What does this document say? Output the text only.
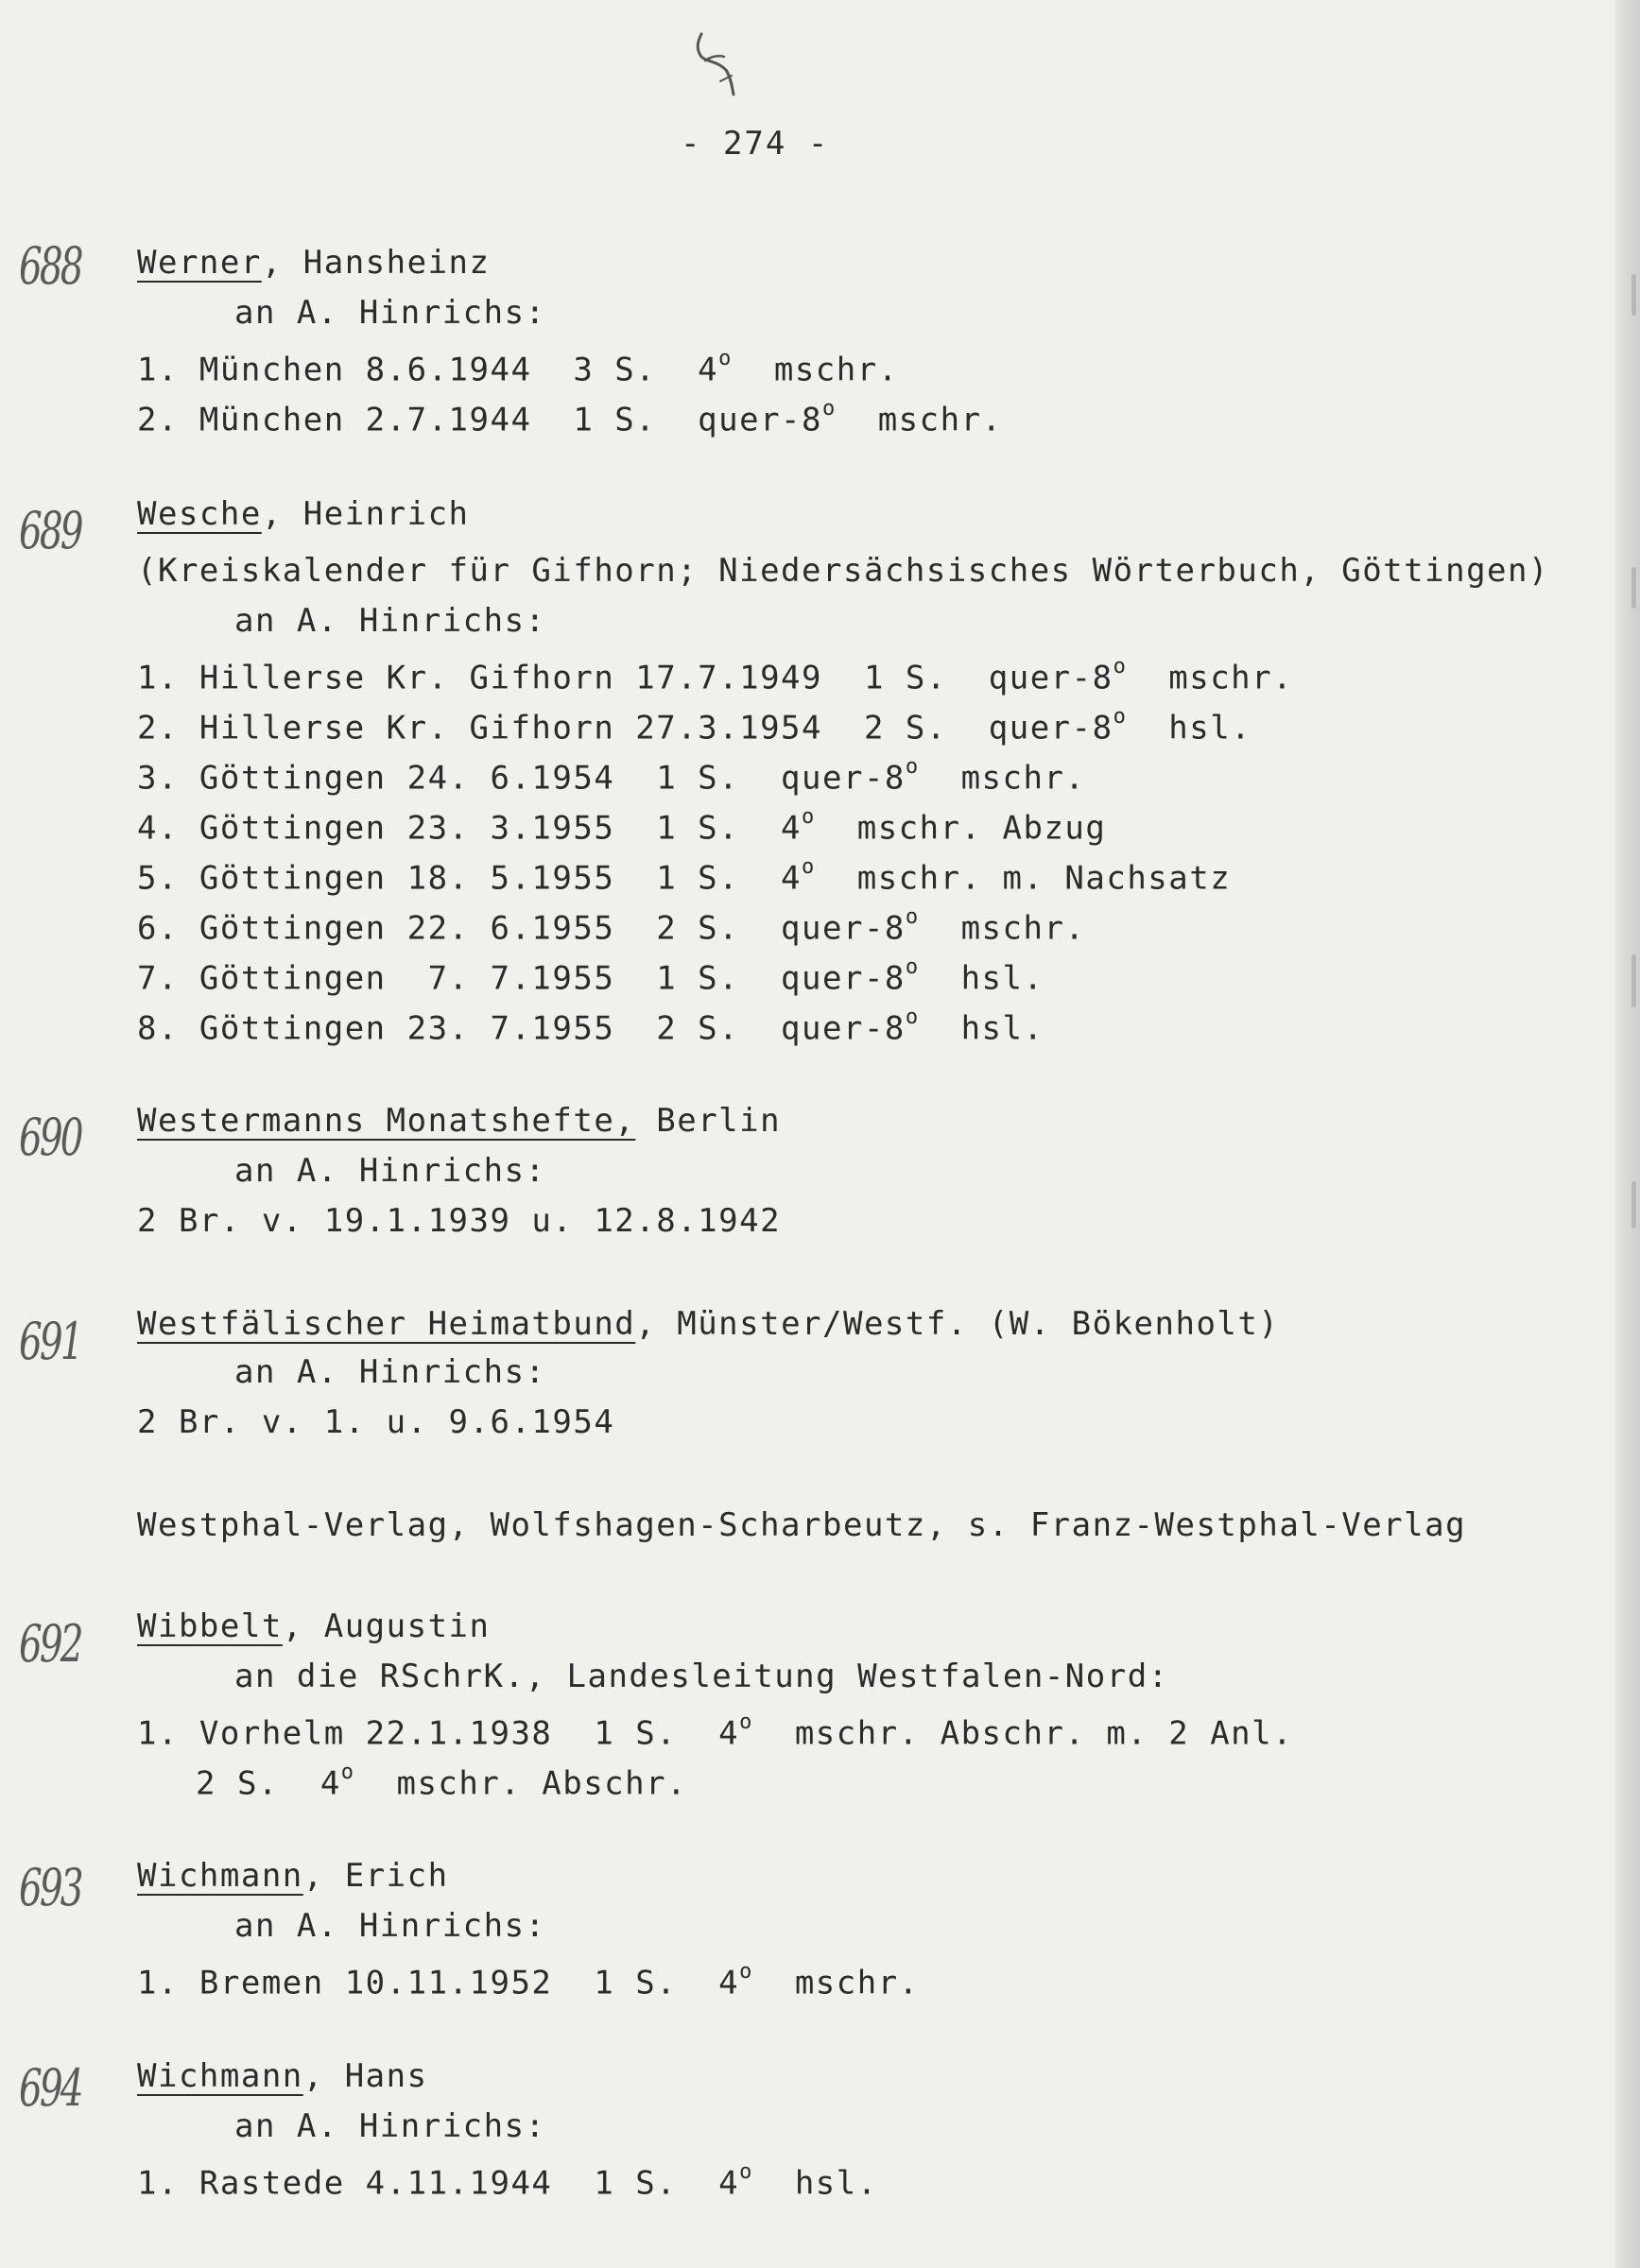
- 274 -
688 Werner, Hansheinz
an A. Hinrichs:
1. München 8.6.1944  3 S.  4$^o$  mschr.
2. München 2.7.1944  1 S.  quer-8$^o$  mschr.
689 Wesche, Heinrich
(Kreiskalender für Gifhorn; Niedersächsisches Wörterbuch, Göttingen)
an A. Hinrichs:
1. Hillerse Kr. Gifhorn 17.7.1949  1 S.  quer-8$^o$  mschr.
2. Hillerse Kr. Gifhorn 27.3.1954  2 S.  quer-8$^o$  hsl.
3. Göttingen 24. 6.1954  1 S.  quer-8$^o$  mschr.
4. Göttingen 23. 3.1955  1 S.  4$^o$  mschr. Abzug
5. Göttingen 18. 5.1955  1 S.  4$^o$  mschr. m. Nachsatz
6. Göttingen 22. 6.1955  2 S.  quer-8$^o$  mschr.
7. Göttingen  7. 7.1955  1 S.  quer-8$^o$  hsl.
8. Göttingen 23. 7.1955  2 S.  quer-8$^o$  hsl.
690 Westermanns Monatshefte, Berlin
an A. Hinrichs:
2 Br. v. 19.1.1939 u. 12.8.1942
691 Westfälischer Heimatbund, Münster/Westf. (W. Bökenholt)
an A. Hinrichs:
2 Br. v. 1. u. 9.6.1954
Westphal-Verlag, Wolfshagen-Scharbeutz, s. Franz-Westphal-Verlag
692 Wibbelt, Augustin
an die RSchrK., Landesleitung Westfalen-Nord:
1. Vorhelm 22.1.1938  1 S.  4$^o$  mschr. Abschr. m. 2 Anl.
2 S.  4$^o$  mschr. Abschr.
693 Wichmann, Erich
an A. Hinrichs:
1. Bremen 10.11.1952  1 S.  4$^o$  mschr.
694 Wichmann, Hans
an A. Hinrichs:
1. Rastede 4.11.1944  1 S.  4$^o$  hsl.
